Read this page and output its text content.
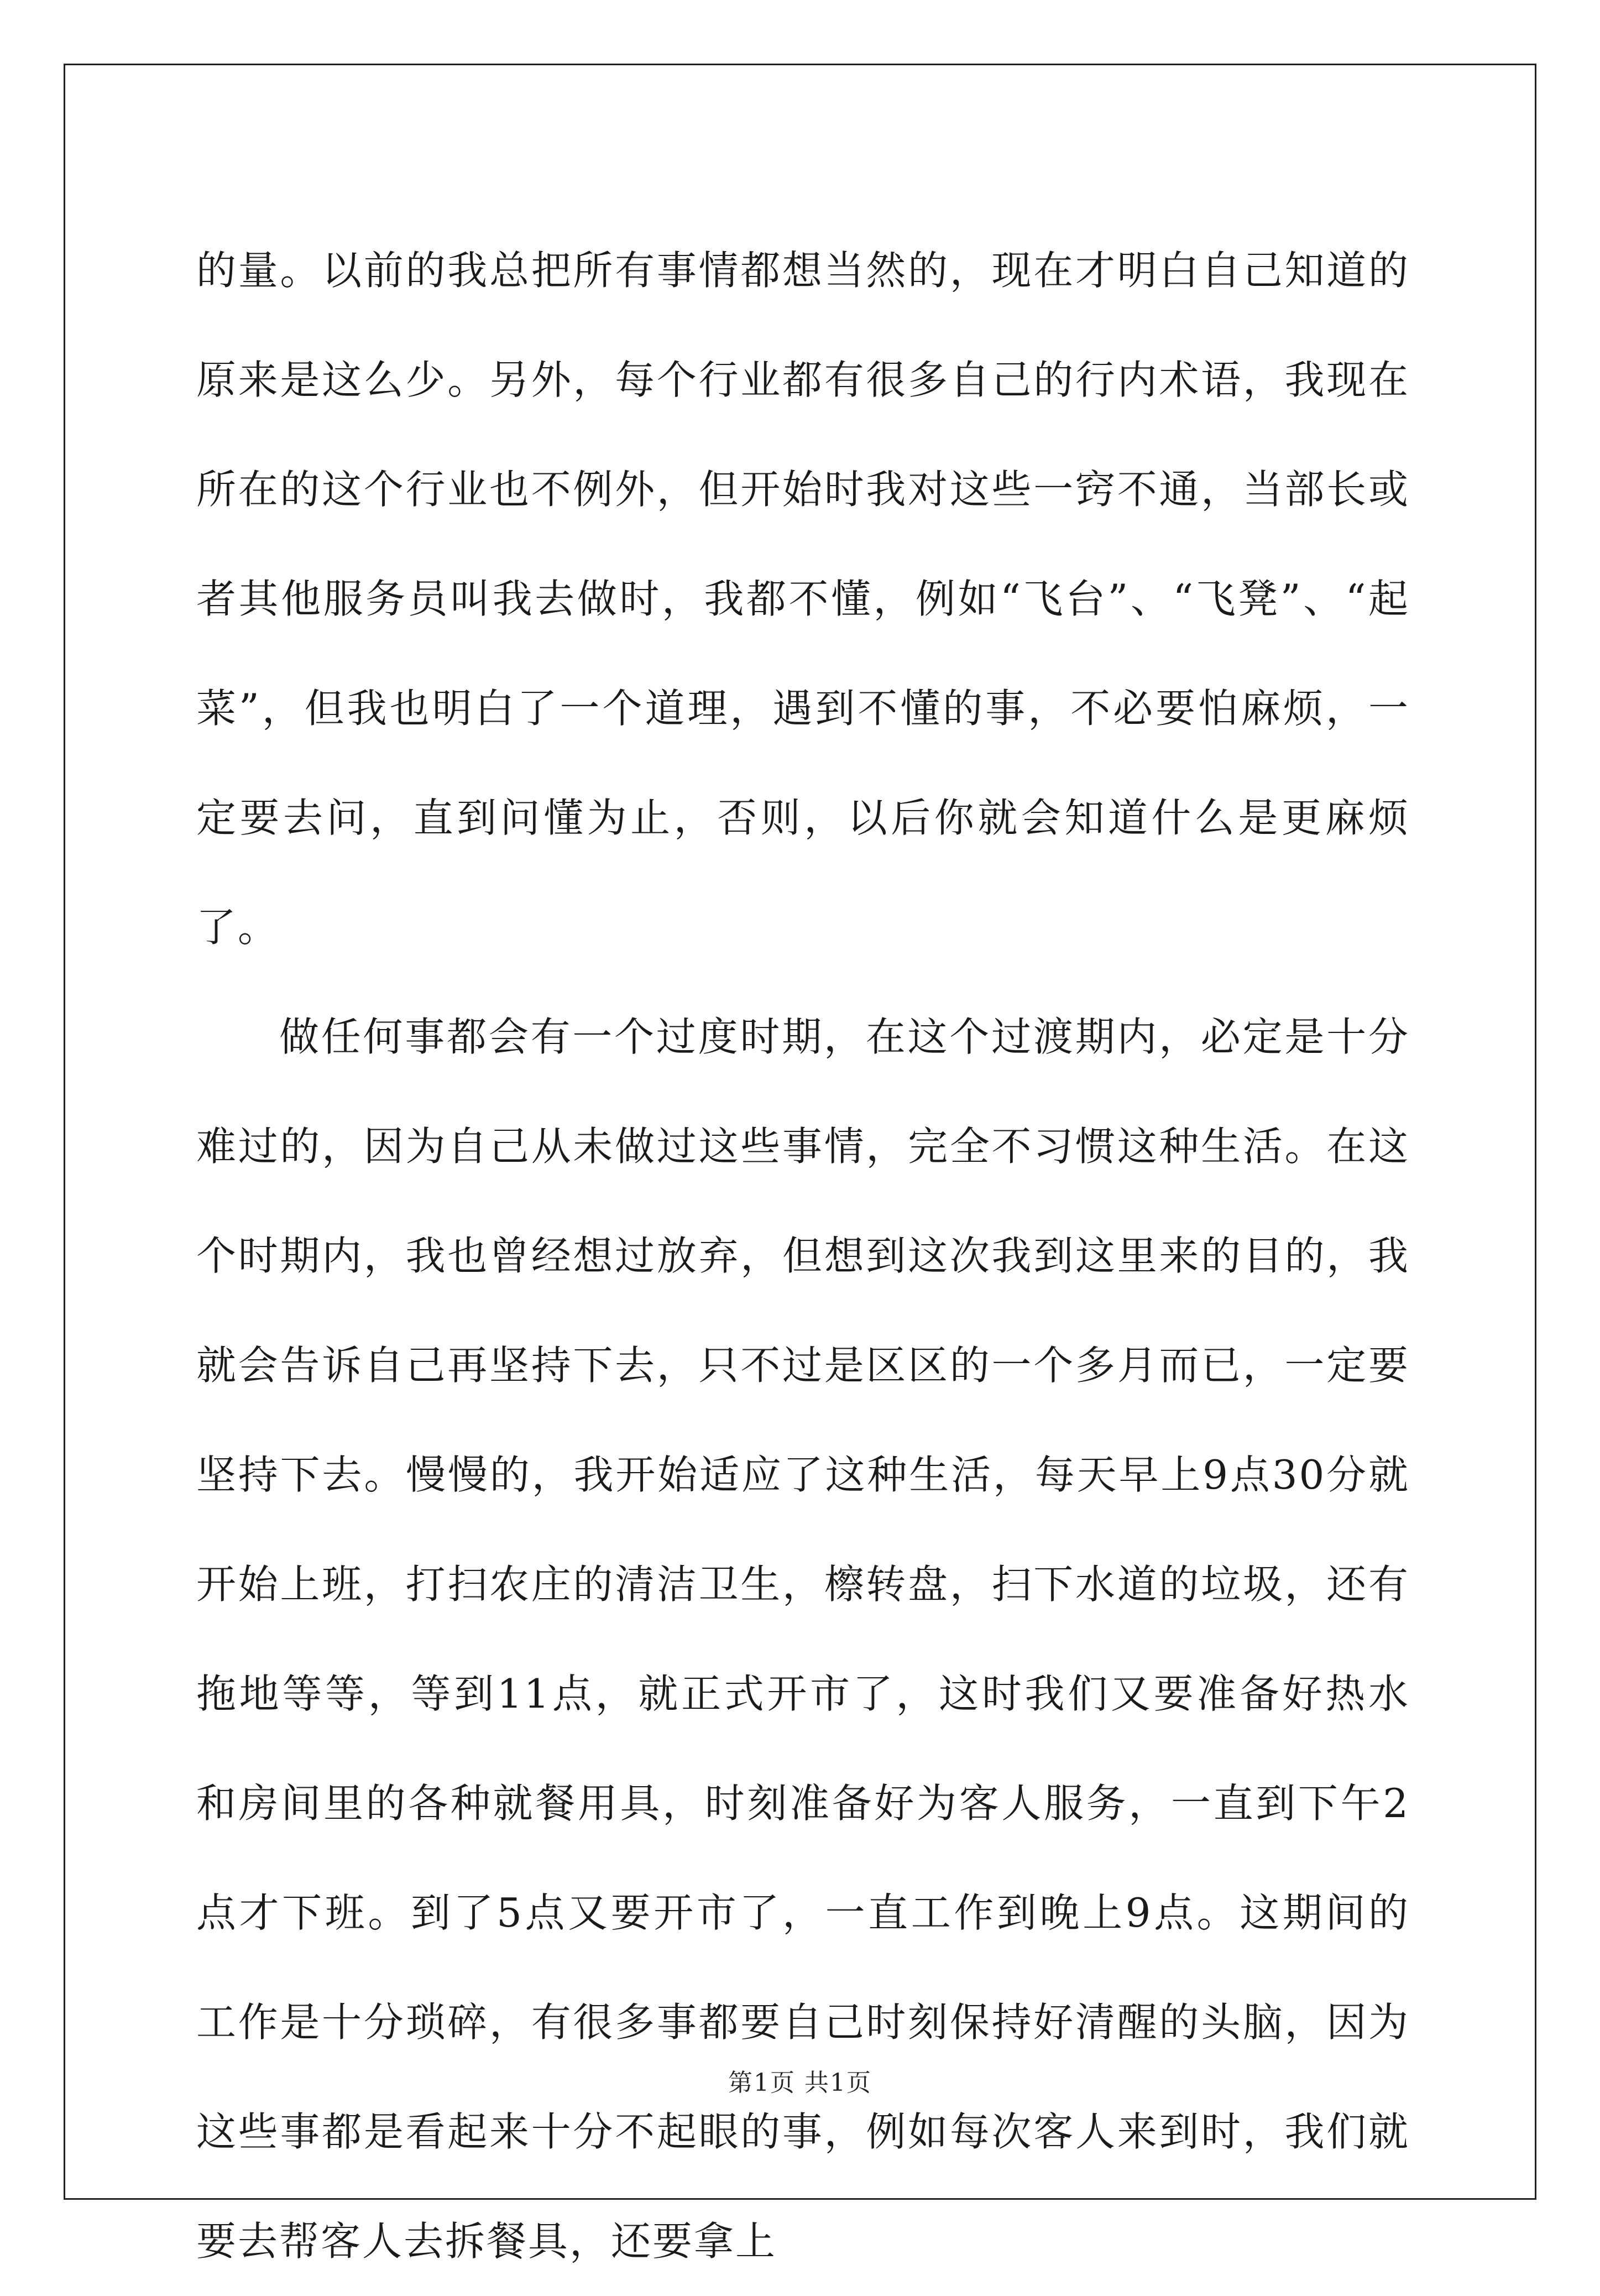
的量。以前的我总把所有事情都想当然的，现在才明白自己知道的原来是这么少。另外，每个行业都有很多自己的行内术语，我现在所在的这个行业也不例外，但开始时我对这些一窍不通，当部长或者其他服务员叫我去做时，我都不懂，例如“飞台”、“飞凳”、“起菜”，但我也明白了一个道理，遇到不懂的事，不必要怕麻烦，一定要去问，直到问懂为止，否则，以后你就会知道什么是更麻烦了。

做任何事都会有一个过度时期，在这个过渡期内，必定是十分难过的，因为自己从未做过这些事情，完全不习惯这种生活。在这个时期内，我也曾经想过放弃，但想到这次我到这里来的目的，我就会告诉自己再坚持下去，只不过是区区的一个多月而已，一定要坚持下去。慢慢的，我开始适应了这种生活，每天早上9点30分就开始上班，打扫农庄的清洁卫生，檫转盘，扫下水道的垃圾，还有拖地等等，等到11点，就正式开市了，这时我们又要准备好热水和房间里的各种就餐用具，时刻准备好为客人服务，一直到下午2点才下班。到了5点又要开市了，一直工作到晚上9点。这期间的工作是十分琐碎，有很多事都要自己时刻保持好清醒的头脑，因为这些事都是看起来十分不起眼的事，例如每次客人来到时，我们就要去帮客人去拆餐具，还要拿上

第1页 共1页
